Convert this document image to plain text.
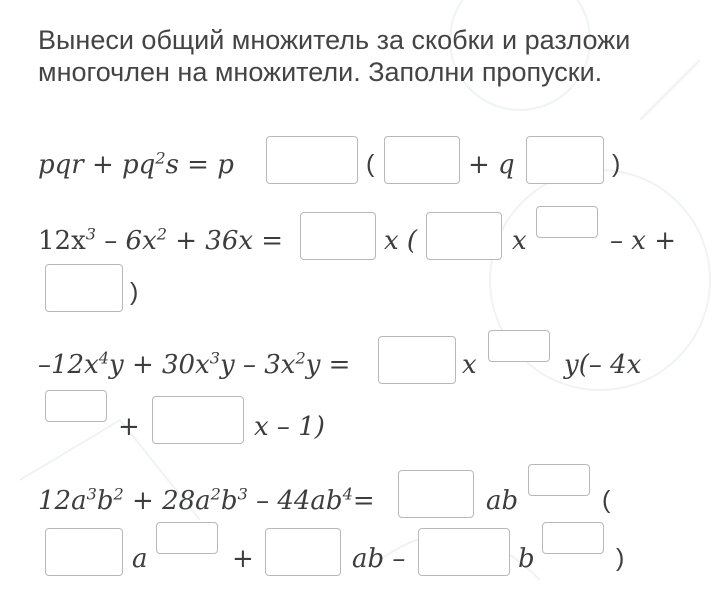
Вынеси общий множитель за скобки и разложи многочлен на множители. Заполни пропуски.
pqr + $pq^2s = p$	(	+ q	)
$12x^3 - 6x^2 + 36x$ =	x (	x	– x +
)
$-12x^4y + 30x^3y - 3x^2y$ =	x	y(– 4x
+	x – 1)
$12a^3b^2 + 28a^2b^3 - 44ab^4=$	ab	(
a	+	ab –	b	)
